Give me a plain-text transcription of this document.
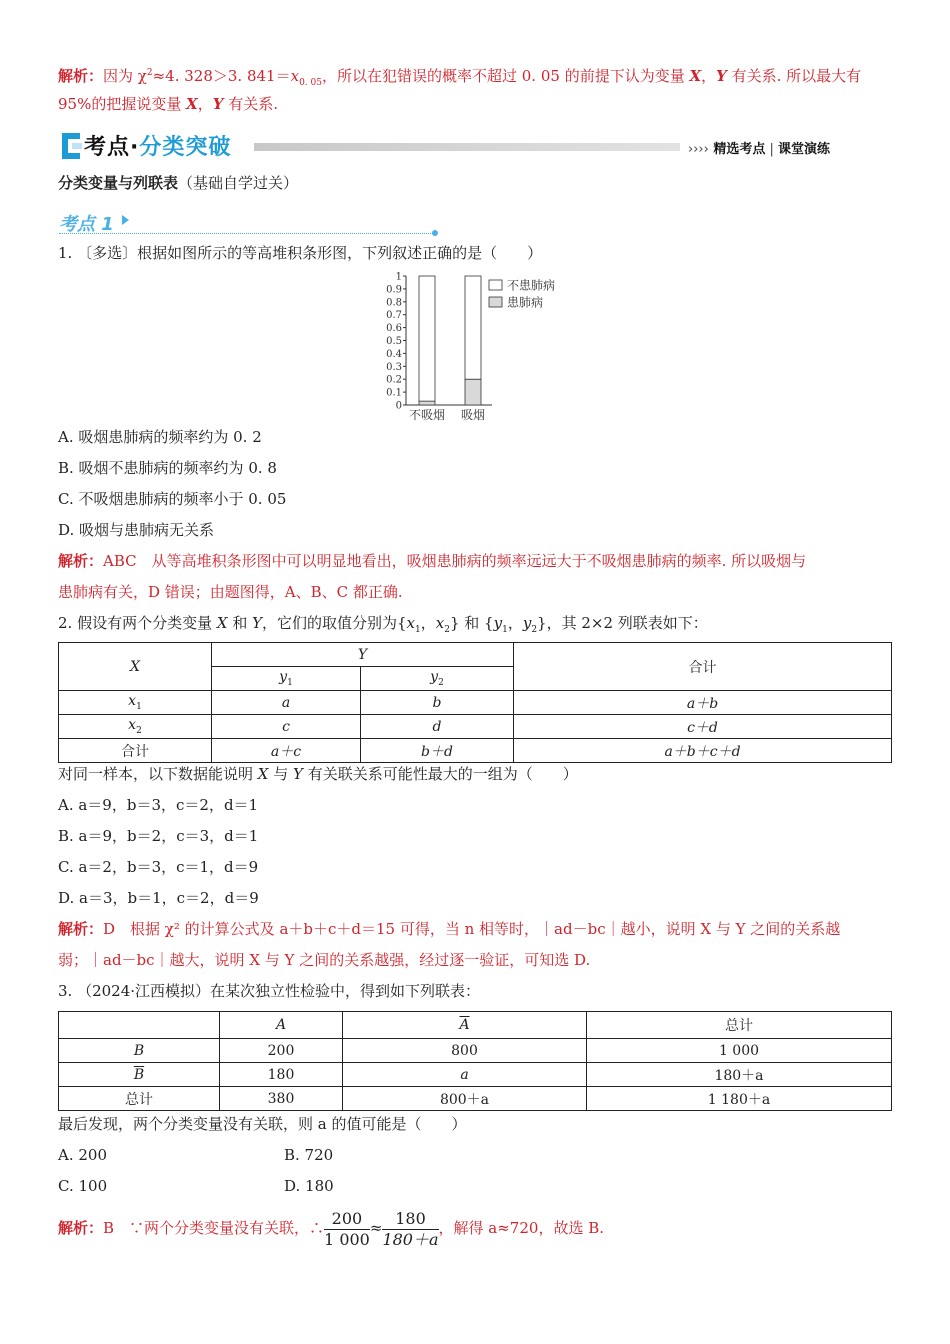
解析：因为 $\chi^2\approx 4$. 328＞3. $841=x_{0. 05}$，所以在犯错误的概率不超过 0. 05 的前提下认为变量 X，Y 有关系. 所以最大有
95%的把握说变量 X，Y 有关系.
考点·分类突破	›››› 精选考点 | 课堂演练
分类变量与列联表（基础自学过关）
考点 1
1. 〔多选〕根据如图所示的等高堆积条形图，下列叙述正确的是（　　）
0
0.1
0.2
0.3
0.4
0.5
0.6
0.7
0.8
0.9
1
不吸烟 吸烟
不患肺病
患肺病
A. 吸烟患肺病的频率约为 0. 2
B. 吸烟不患肺病的频率约为 0. 8
C. 不吸烟患肺病的频率小于 0. 05
D. 吸烟与患肺病无关系
解析：ABC　从等高堆积条形图中可以明显地看出，吸烟患肺病的频率远远大于不吸烟患肺病的频率. 所以吸烟与
患肺病有关，D 错误；由题图得，A、B、C 都正确.
2. 假设有两个分类变量 X 和 Y，它们的取值分别为{$x_1$，$x_2$} 和 {$y_1$，$y_2$}，其 2×2 列联表如下：
X	Y		合计
	$y_1$	$y_2$
$x_1$	a	b	a＋b
$x_2$	c	d	c＋d
合计	a＋c	b＋d	a＋b＋c＋d
对同一样本，以下数据能说明 X 与 Y 有关联关系可能性最大的一组为（　　）
A. a＝9，b＝3，c＝2，d＝1
B. a＝9，b＝2，c＝3，d＝1
C. a＝2，b＝3，c＝1，d＝9
D. a＝3，b＝1，c＝2，d＝9
解析：D　根据 χ² 的计算公式及 a＋b＋c＋d＝15 可得，当 n 相等时，｜ad－bc｜越小，说明 X 与 Y 之间的关系越
弱；｜ad－bc｜越大，说明 X 与 Y 之间的关系越强，经过逐一验证，可知选 D.
3. （2024·江西模拟）在某次独立性检验中，得到如下列联表：
	A	$\overline{A}$	总计
B	200	800	1 000
$\overline{B}$	180	a	180＋a
总计	380	800＋a	1 180＋a
最后发现，两个分类变量没有关联，则 a 的值可能是（　　）
A. 200	B. 720
C. 100	D. 180
解析：B　∵两个分类变量没有关联，∴ $\frac{200}{1 000} \approx \frac{180}{180+a}$ ，解得 a≈720，故选 B.
